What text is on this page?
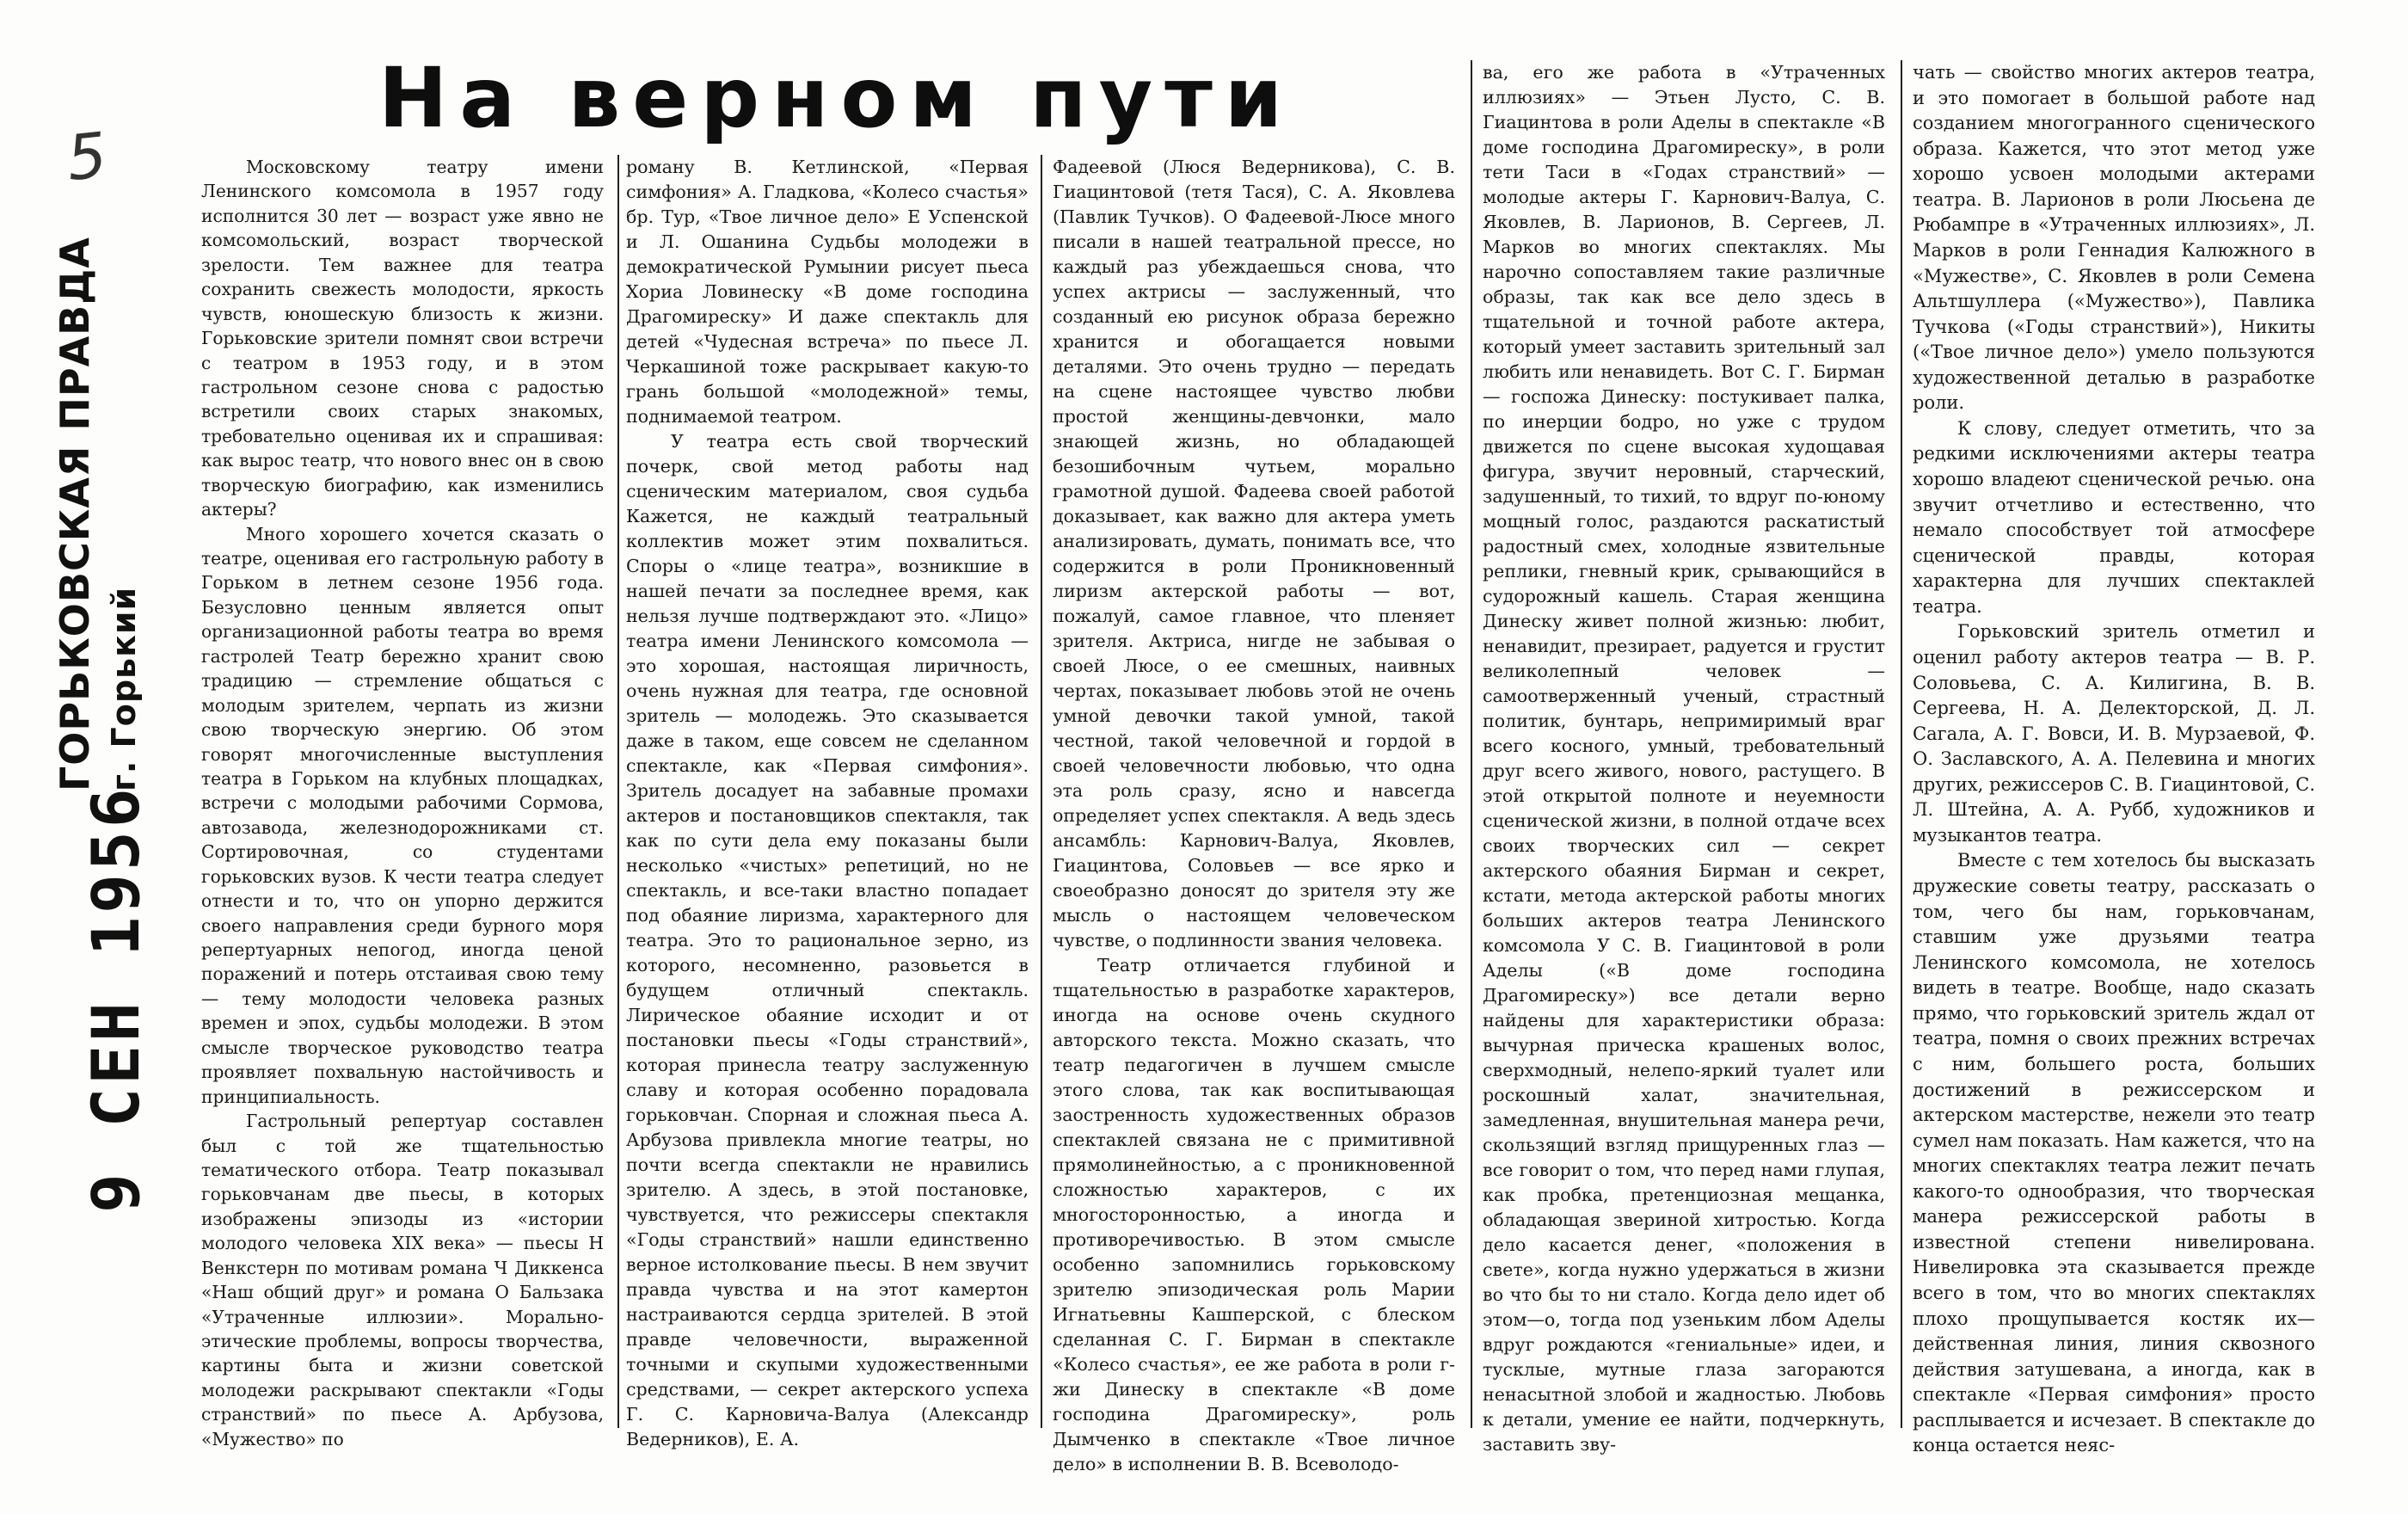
5
ГОРЬКОВСКАЯ ПРАВДА г. Горький
9 СЕН 1956
На верном пути

Московскому театру имени Ленинского комсомола в 1957 году исполнится 30 лет — возраст уже явно не комсомольский, возраст творческой зрелости. Тем важнее для театра сохранить свежесть молодости, яркость чувств, юношескую близость к жизни. Горьковские зрители помнят свои встречи с театром в 1953 году, и в этом гастрольном сезоне снова с радостью встретили своих старых знакомых, требовательно оценивая их и спрашивая: как вырос театр, что нового внес он в свою творческую биографию, как изменились актеры?

Много хорошего хочется сказать о театре, оценивая его гастрольную работу в Горьком в летнем сезоне 1956 года. Безусловно ценным является опыт организационной работы театра во время гастролей Театр бережно хранит свою традицию — стремление общаться с молодым зрителем, черпать из жизни свою творческую энергию. Об этом говорят многочисленные выступления театра в Горьком на клубных площадках, встречи с молодыми рабочими Сормова, автозавода, железнодорожниками ст. Сортировочная, со студентами горьковских вузов. К чести театра следует отнести и то, что он упорно держится своего направления среди бурного моря репертуарных непогод, иногда ценой поражений и потерь отстаивая свою тему — тему молодости человека разных времен и эпох, судьбы молодежи. В этом смысле творческое руководство театра проявляет похвальную настойчивость и принципиальность.

Гастрольный репертуар составлен был с той же тщательностью тематического отбора. Театр показывал горьковчанам две пьесы, в которых изображены эпизоды из «истории молодого человека XIX века» — пьесы Н Венкстерн по мотивам романа Ч Диккенса «Наш общий друг» и романа О Бальзака «Утраченные иллюзии». Морально-этические проблемы, вопросы творчества, картины быта и жизни советской молодежи раскрывают спектакли «Годы странствий» по пьесе А. Арбузова, «Мужество» по

роману В. Кетлинской, «Первая симфония» А. Гладкова, «Колесо счастья» бр. Тур, «Твое личное дело» Е Успенской и Л. Ошанина Судьбы молодежи в демократической Румынии рисует пьеса Хориа Ловинеску «В доме господина Драгомиреску» И даже спектакль для детей «Чудесная встреча» по пьесе Л. Черкашиной тоже раскрывает какую-то грань большой «молодежной» темы, поднимаемой театром.

У театра есть свой творческий почерк, свой метод работы над сценическим материалом, своя судьба Кажется, не каждый театральный коллектив может этим похвалиться. Споры о «лице театра», возникшие в нашей печати за последнее время, как нельзя лучше подтверждают это. «Лицо» театра имени Ленинского комсомола — это хорошая, настоящая лиричность, очень нужная для театра, где основной зритель — молодежь. Это сказывается даже в таком, еще совсем не сделанном спектакле, как «Первая симфония». Зритель досадует на забавные промахи актеров и постановщиков спектакля, так как по сути дела ему показаны были несколько «чистых» репетиций, но не спектакль, и все-таки властно попадает под обаяние лиризма, характерного для театра. Это то рациональное зерно, из которого, несомненно, разовьется в будущем отличный спектакль. Лирическое обаяние исходит и от постановки пьесы «Годы странствий», которая принесла театру заслуженную славу и которая особенно порадовала горьковчан. Спорная и сложная пьеса А. Арбузова привлекла многие театры, но почти всегда спектакли не нравились зрителю. А здесь, в этой постановке, чувствуется, что режиссеры спектакля «Годы странствий» нашли единственно верное истолкование пьесы. В нем звучит правда чувства и на этот камертон настраиваются сердца зрителей. В этой правде человечности, выраженной точными и скупыми художественными средствами, — секрет актерского успеха Г. С. Карновича-Валуа (Александр Ведерников), Е. А.

Фадеевой (Люся Ведерникова), С. В. Гиацинтовой (тетя Тася), С. А. Яковлева (Павлик Тучков). О Фадеевой-Люсе много писали в нашей театральной прессе, но каждый раз убеждаешься снова, что успех актрисы — заслуженный, что созданный ею рисунок образа бережно хранится и обогащается новыми деталями. Это очень трудно — передать на сцене настоящее чувство любви простой женщины-девчонки, мало знающей жизнь, но обладающей безошибочным чутьем, морально грамотной душой. Фадеева своей работой доказывает, как важно для актера уметь анализировать, думать, понимать все, что содержится в роли Проникновенный лиризм актерской работы — вот, пожалуй, самое главное, что пленяет зрителя. Актриса, нигде не забывая о своей Люсе, о ее смешных, наивных чертах, показывает любовь этой не очень умной девочки такой умной, такой честной, такой человечной и гордой в своей человечности любовью, что одна эта роль сразу, ясно и навсегда определяет успех спектакля. А ведь здесь ансамбль: Карнович-Валуа, Яковлев, Гиацинтова, Соловьев — все ярко и своеобразно доносят до зрителя эту же мысль о настоящем человеческом чувстве, о подлинности звания человека.

Театр отличается глубиной и тщательностью в разработке характеров, иногда на основе очень скудного авторского текста. Можно сказать, что театр педагогичен в лучшем смысле этого слова, так как воспитывающая заостренность художественных образов спектаклей связана не с примитивной прямолинейностью, а с проникновенной сложностью характеров, с их многосторонностью, а иногда и противоречивостью. В этом смысле особенно запомнились горьковскому зрителю эпизодическая роль Марии Игнатьевны Кашперской, с блеском сделанная С. Г. Бирман в спектакле «Колесо счастья», ее же работа в роли г-жи Динеску в спектакле «В доме господина Драгомиреску», роль Дымченко в спектакле «Твое личное дело» в исполнении В. В. Всеволодо-

ва, его же работа в «Утраченных иллюзиях» — Этьен Лусто, С. В. Гиацинтова в роли Аделы в спектакле «В доме господина Драгомиреску», в роли тети Таси в «Годах странствий» — молодые актеры Г. Карнович-Валуа, С. Яковлев, В. Ларионов, В. Сергеев, Л. Марков во многих спектаклях. Мы нарочно сопоставляем такие различные образы, так как все дело здесь в тщательной и точной работе актера, который умеет заставить зрительный зал любить или ненавидеть. Вот С. Г. Бирман — госпожа Динеску: постукивает палка, по инерции бодро, но уже с трудом движется по сцене высокая худощавая фигура, звучит неровный, старческий, задушенный, то тихий, то вдруг по-юному мощный голос, раздаются раскатистый радостный смех, холодные язвительные реплики, гневный крик, срывающийся в судорожный кашель. Старая женщина Динеску живет полной жизнью: любит, ненавидит, презирает, радуется и грустит великолепный человек — самоотверженный ученый, страстный политик, бунтарь, непримиримый враг всего косного, умный, требовательный друг всего живого, нового, растущего. В этой открытой полноте и неуемности сценической жизни, в полной отдаче всех своих творческих сил — секрет актерского обаяния Бирман и секрет, кстати, метода актерской работы многих больших актеров театра Ленинского комсомола У С. В. Гиацинтовой в роли Аделы («В доме господина Драгомиреску») все детали верно найдены для характеристики образа: вычурная прическа крашеных волос, сверхмодный, нелепо-яркий туалет или роскошный халат, значительная, замедленная, внушительная манера речи, скользящий взгляд прищуренных глаз — все говорит о том, что перед нами глупая, как пробка, претенциозная мещанка, обладающая звериной хитростью. Когда дело касается денег, «положения в свете», когда нужно удержаться в жизни во что бы то ни стало. Когда дело идет об этом—о, тогда под узеньким лбом Аделы вдруг рождаются «гениальные» идеи, и тусклые, мутные глаза загораются ненасытной злобой и жадностью. Любовь к детали, умение ее найти, подчеркнуть, заставить зву-

чать — свойство многих актеров театра, и это помогает в большой работе над созданием многогранного сценического образа. Кажется, что этот метод уже хорошо усвоен молодыми актерами театра. В. Ларионов в роли Люсьена де Рюбампре в «Утраченных иллюзиях», Л. Марков в роли Геннадия Калюжного в «Мужестве», С. Яковлев в роли Семена Альтшуллера («Мужество»), Павлика Тучкова («Годы странствий»), Никиты («Твое личное дело») умело пользуются художественной деталью в разработке роли.

К слову, следует отметить, что за редкими исключениями актеры театра хорошо владеют сценической речью. она звучит отчетливо и естественно, что немало способствует той атмосфере сценической правды, которая характерна для лучших спектаклей театра.

Горьковский зритель отметил и оценил работу актеров театра — В. Р. Соловьева, С. А. Килигина, В. В. Сергеева, Н. А. Делекторской, Д. Л. Сагала, А. Г. Вовси, И. В. Мурзаевой, Ф. О. Заславского, А. А. Пелевина и многих других, режиссеров С. В. Гиацинтовой, С. Л. Штейна, А. А. Рубб, художников и музыкантов театра.

Вместе с тем хотелось бы высказать дружеские советы театру, рассказать о том, чего бы нам, горьковчанам, ставшим уже друзьями театра Ленинского комсомола, не хотелось видеть в театре. Вообще, надо сказать прямо, что горьковский зритель ждал от театра, помня о своих прежних встречах с ним, большего роста, больших достижений в режиссерском и актерском мастерстве, нежели это театр сумел нам показать. Нам кажется, что на многих спектаклях театра лежит печать какого-то однообразия, что творческая манера режиссерской работы в известной степени нивелирована. Нивелировка эта сказывается прежде всего в том, что во многих спектаклях плохо прощупывается костяк их—действенная линия, линия сквозного действия затушевана, а иногда, как в спектакле «Первая симфония» просто расплывается и исчезает. В спектакле до конца остается неяс-
